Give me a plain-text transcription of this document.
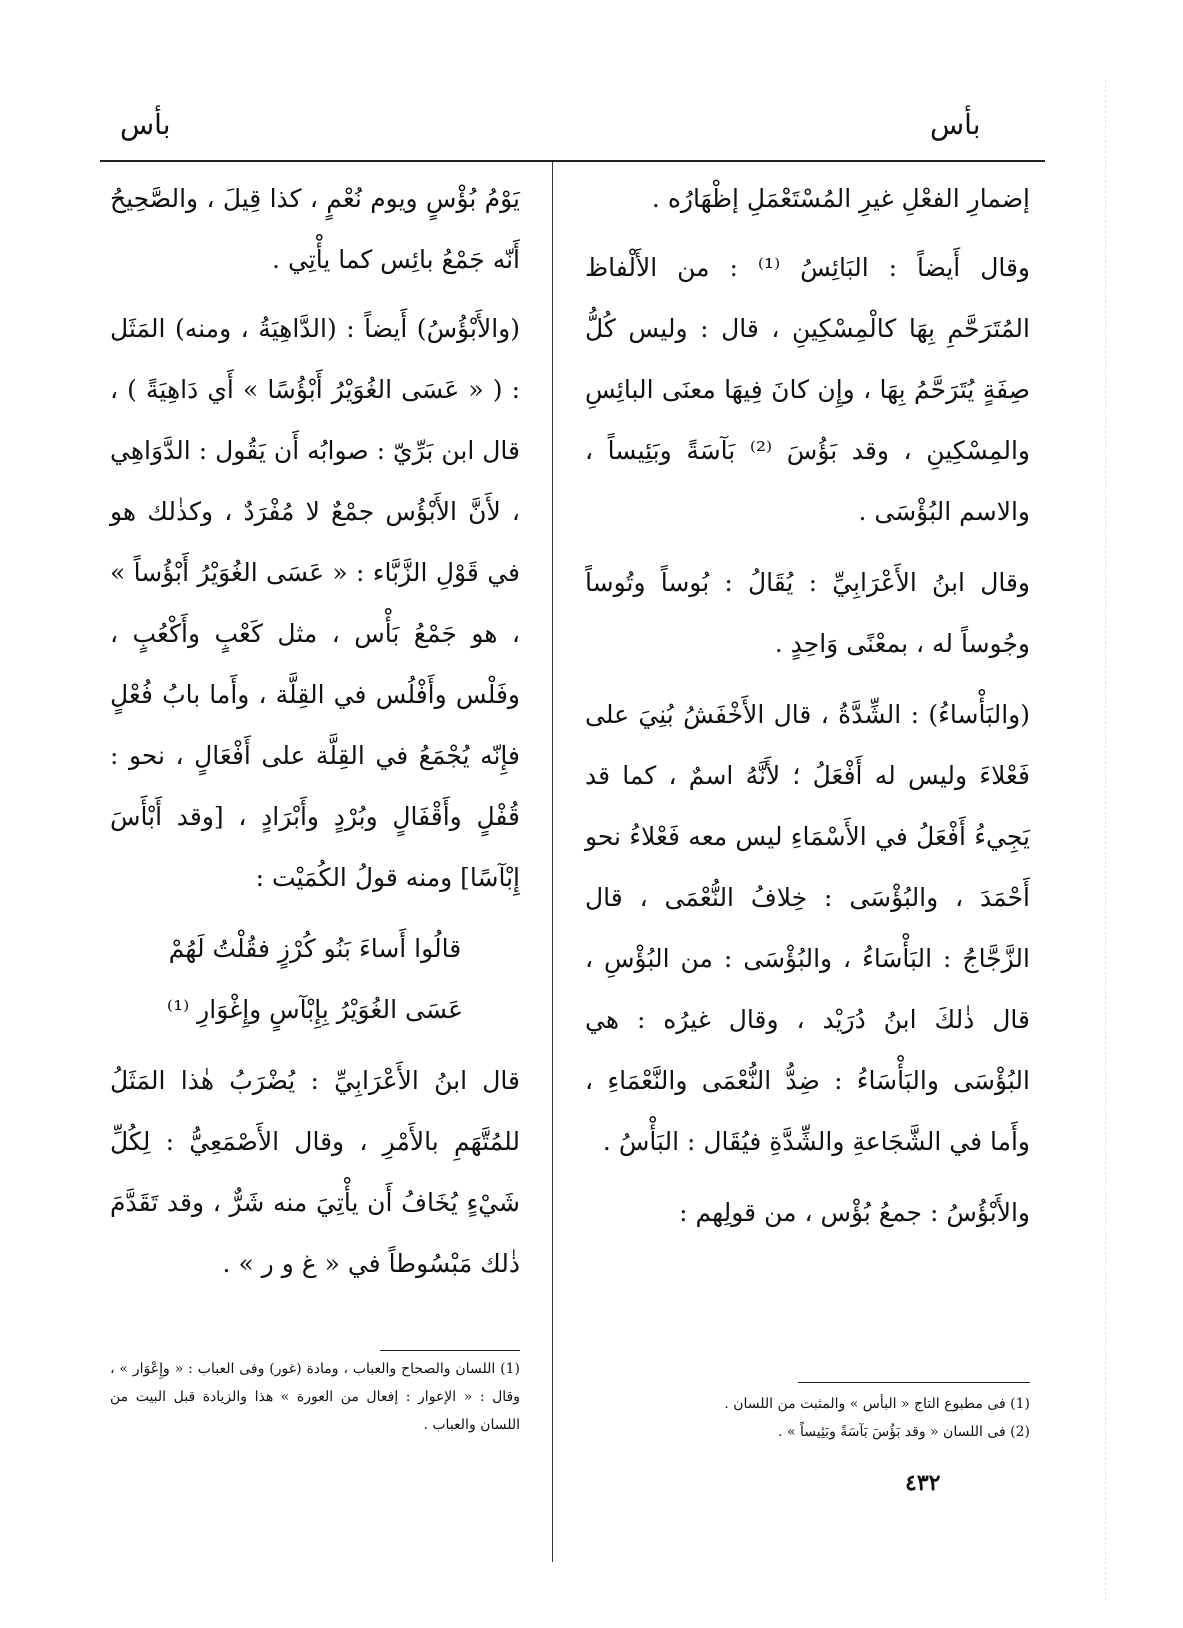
بأس
بأس

إضمارِ الفعْلِ غيرِ المُسْتَعْمَلِ إظْهَارُه .

وقال أَيضاً : البَائِسُ ⁽¹⁾ : من الأَلْفاظ المُتَرَحَّمِ بِهَا كالْمِسْكِينِ ، قال : وليس كُلُّ صِفَةٍ يُتَرَحَّمُ بِهَا ، وإِن كانَ فِيهَا معنَى البائِسِ والمِسْكِينِ ، وقد بَؤُسَ ⁽²⁾ بَآسَةً وبَئِيساً ، والاسم البُؤْسَى .

وقال ابنُ الأَعْرَابِيِّ : يُقَالُ : بُوساً وتُوساً وجُوساً له ، بمعْنًى وَاحِدٍ .

(والبَأْساءُ) : الشِّدَّةُ ، قال الأَخْفَشُ بُنِيَ على فَعْلاءَ وليس له أَفْعَلُ ؛ لأَنَّهُ اسمٌ ، كما قد يَجِيءُ أَفْعَلُ في الأَسْمَاءِ ليس معه فَعْلاءُ نحو أَحْمَدَ ، والبُؤْسَى : خِلافُ النُّعْمَى ، قال الزَّجَّاجُ : البَأْسَاءُ ، والبُؤْسَى : من البُؤْسِ ، قال ذٰلكَ ابنُ دُرَيْد ، وقال غيرُه : هي البُؤْسَى والبَأْسَاءُ : ضِدُّ النُّعْمَى والنَّعْمَاءِ ، وأَما في الشَّجَاعةِ والشِّدَّةِ فيُقَال : البَأْسُ .

والأَبْؤُسُ : جمعُ بُؤْس ، من قولِهم :

يَوْمُ بُؤْسٍ ويوم نُعْمٍ ، كذا قِيلَ ، والصَّحِيحُ أَنّه جَمْعُ بائِس كما يأْتِي .

(والأَبْؤُسُ) أَيضاً : (الدَّاهِيَةُ ، ومنه) المَثَل : ( « عَسَى الغُوَيْرُ أَبْؤُسًا » أَي دَاهِيَةً ) ، قال ابن بَرِّيّ : صوابُه أَن يَقُول : الدَّوَاهِي ، لأَنَّ الأَبْؤُس جمْعٌ لا مُفْرَدٌ ، وكذٰلك هو في قَوْلِ الزَّبَّاء : « عَسَى الغُوَيْرُ أَبْؤُساً » ، هو جَمْعُ بَأْس ، مثل كَعْبٍ وأَكْعُبٍ ، وفَلْس وأَفْلُس في القِلَّة ، وأَما بابُ فُعْلٍ فإِنّه يُجْمَعُ في القِلَّة على أَفْعَالٍ ، نحو : قُفْلٍ وأَقْفَالٍ وبُرْدٍ وأَبْرَادٍ ، [وقد أَبْأَسَ إِبْآسًا] ومنه قولُ الكُمَيْت :

قالُوا أَساءَ بَنُو كُرْزٍ فقُلْتُ لَهُمْ

عَسَى الغُوَيْرُ بِإِبْآسٍ وإِغْوَارِ ⁽¹⁾

قال ابنُ الأَعْرَابِيِّ : يُضْرَبُ هٰذا المَثَلُ للمُتَّهَمِ بالأَمْرِ ، وقال الأَصْمَعِيُّ : لِكُلِّ شَيْءٍ يُخَافُ أَن يأْتِيَ منه شَرٌّ ، وقد تَقَدَّمَ ذٰلك مَبْسُوطاً في « غ و ر » .

(1) فى مطبوع التاج « البأس » والمثبت من اللسان .

(2) فى اللسان « وقد بَؤُسَ بَآسَةً وبَئِيساً » .

(1) اللسان والصحاح والعباب ، ومادة (غور) وفى العباب : « وإِعْوَار » ، وقال : « الإعوار : إفعال من العورة » هذا والزيادة قبل البيت من اللسان والعباب .

٤٣٢
